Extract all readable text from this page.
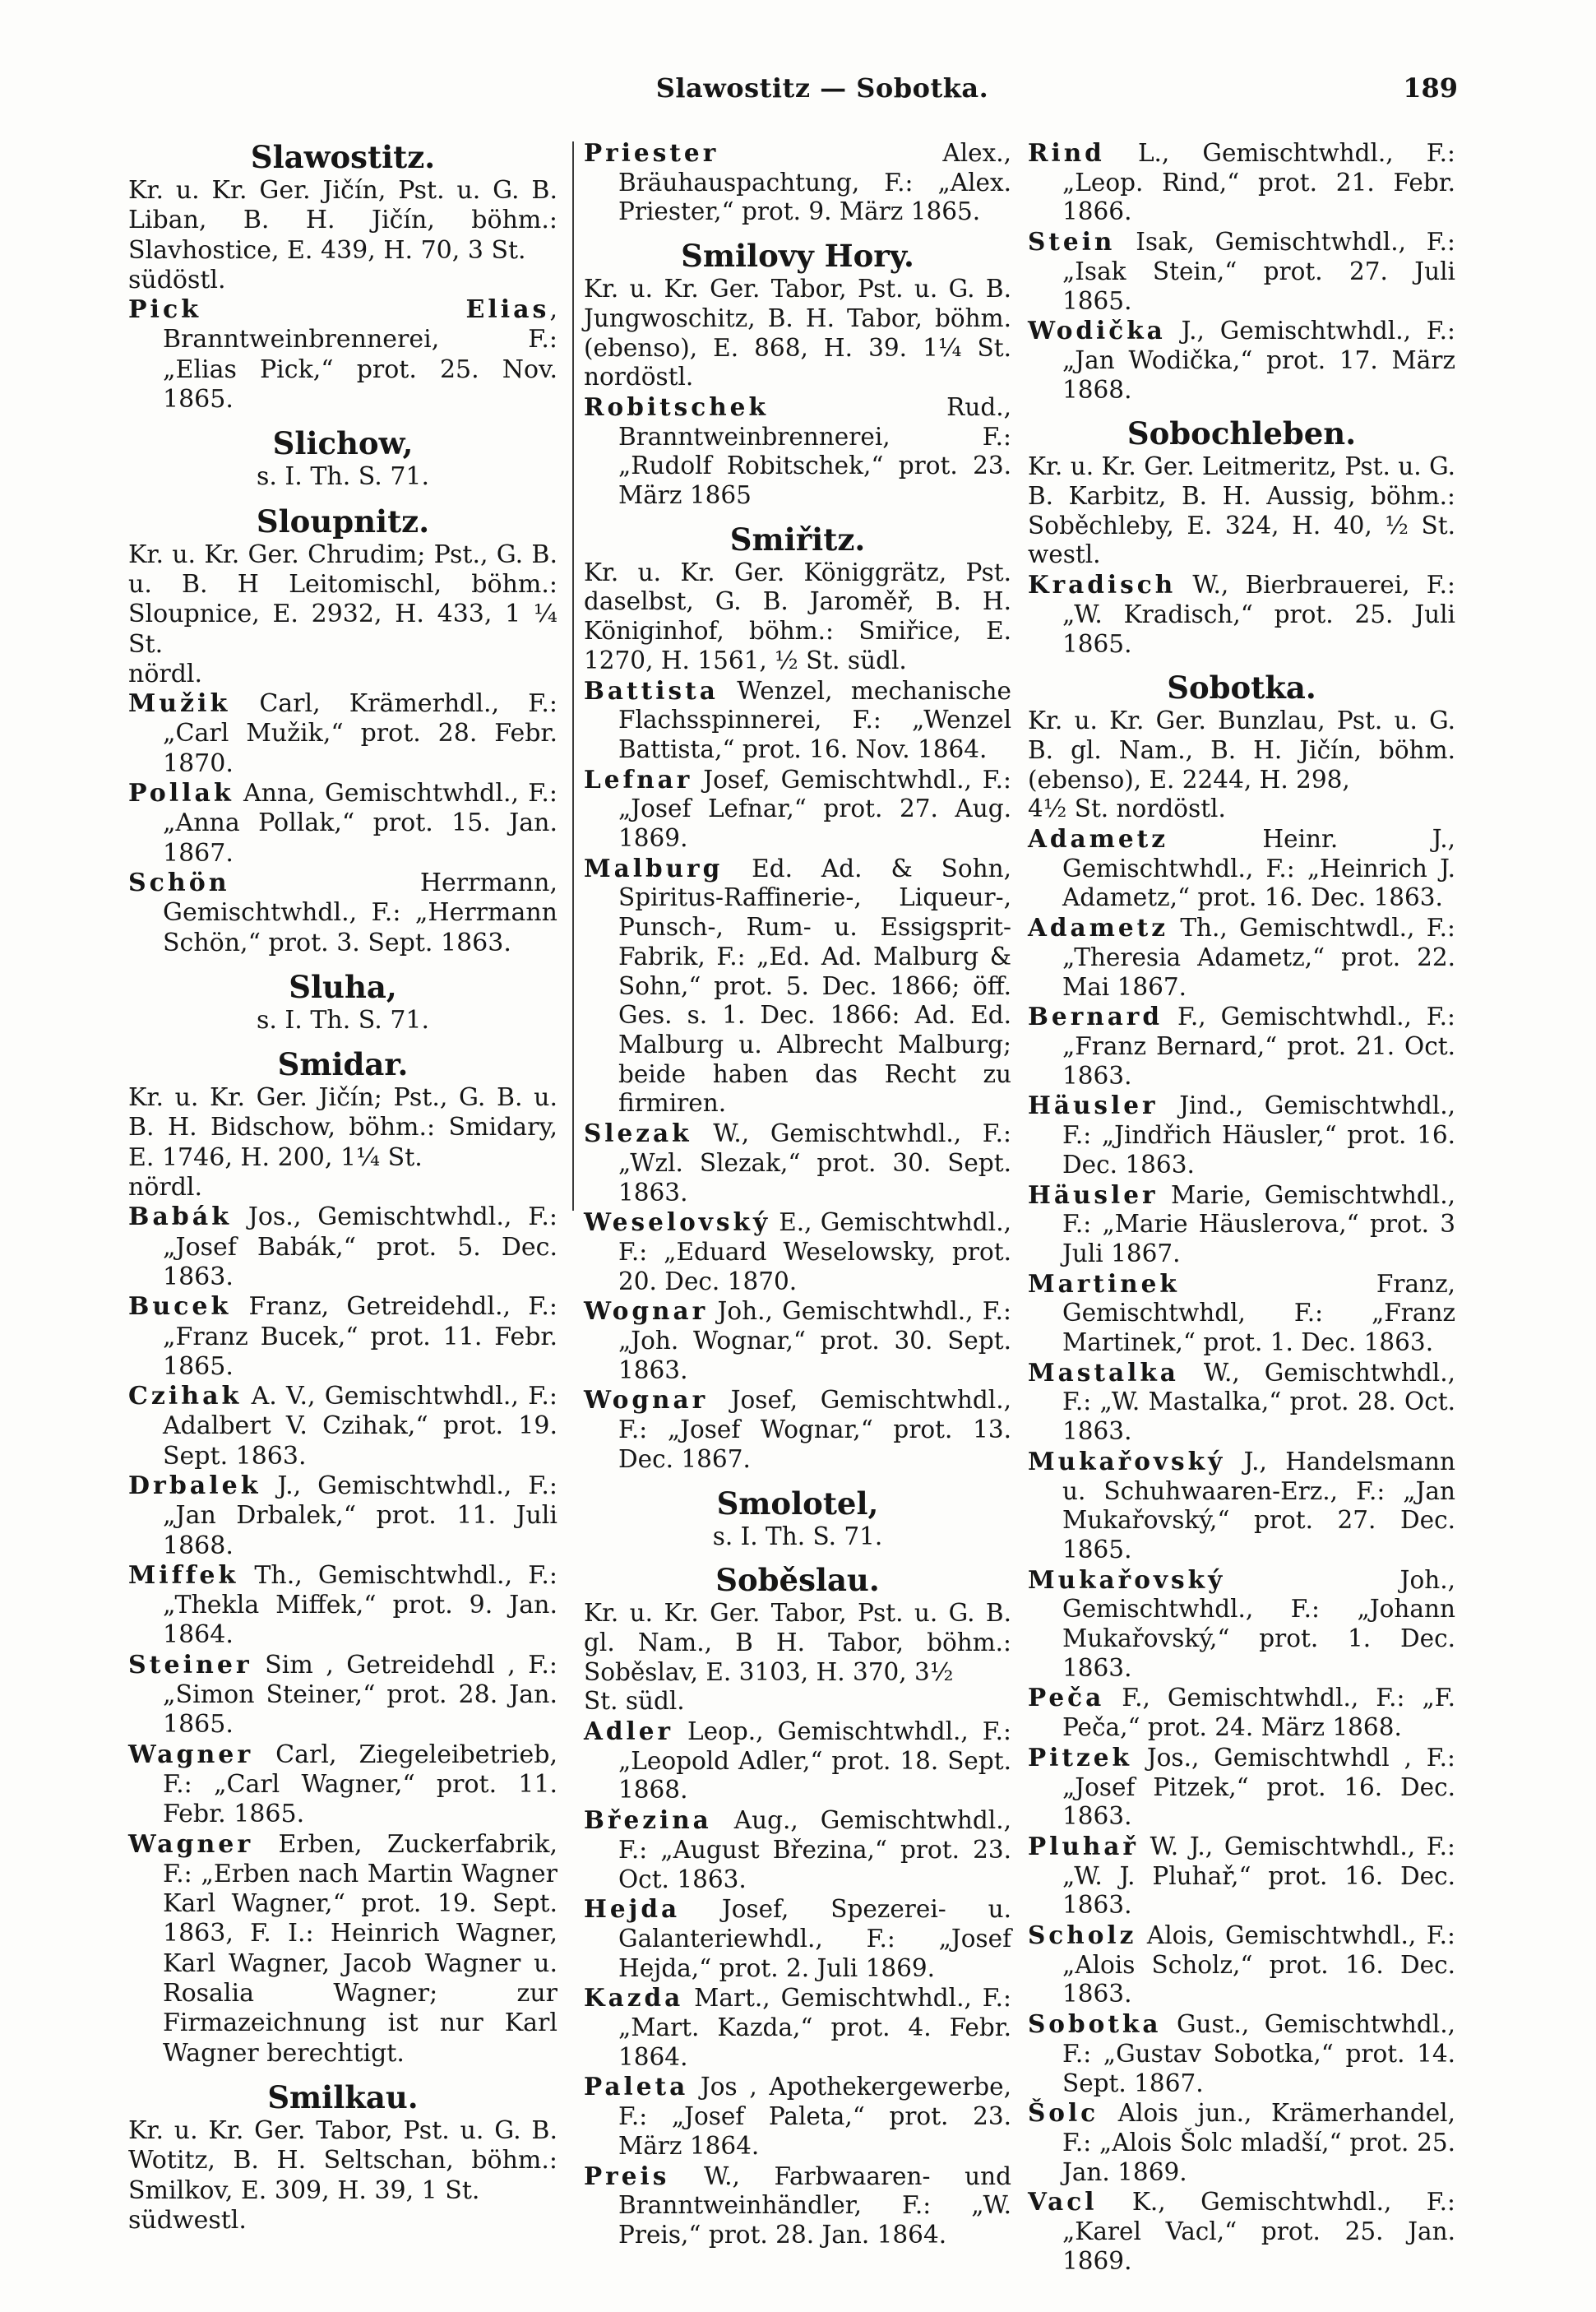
Slawostitz — Sobotka.	189
Slawostitz.
Kr. u. Kr. Ger. Jičín, Pst. u. G. B. Liban, B. H. Jičín, böhm.: Slavhostice, E. 439, H. 70, 3 St.
südöstl.
Pick Elias, Branntweinbrennerei, F.: „Elias Pick,“ prot. 25. Nov. 1865.
Slichow,
s. I. Th. S. 71.
Sloupnitz.
Kr. u. Kr. Ger. Chrudim; Pst., G. B. u. B. H Leitomischl, böhm.: Sloupnice, E. 2932, H. 433, 1 ¼ St.
nördl.
Mužik Carl, Krämerhdl., F.: „Carl Mužik,“ prot. 28. Febr. 1870.
Pollak Anna, Gemischtwhdl., F.: „Anna Pollak,“ prot. 15. Jan. 1867.
Schön Herrmann, Gemischtwhdl., F.: „Herrmann Schön,“ prot. 3. Sept. 1863.
Sluha,
s. I. Th. S. 71.
Smidar.
Kr. u. Kr. Ger. Jičín; Pst., G. B. u. B. H. Bidschow, böhm.: Smidary, E. 1746, H. 200, 1¼ St.
nördl.
Babák Jos., Gemischtwhdl., F.: „Josef Babák,“ prot. 5. Dec. 1863.
Bucek Franz, Getreidehdl., F.: „Franz Bucek,“ prot. 11. Febr. 1865.
Czihak A. V., Gemischtwhdl., F.: Adalbert V. Czihak,“ prot. 19. Sept. 1863.
Drbalek J., Gemischtwhdl., F.: „Jan Drbalek,“ prot. 11. Juli 1868.
Miffek Th., Gemischtwhdl., F.: „Thekla Miffek,“ prot. 9. Jan. 1864.
Steiner Sim , Getreidehdl , F.: „Simon Steiner,“ prot. 28. Jan. 1865.
Wagner Carl, Ziegeleibetrieb, F.: „Carl Wagner,“ prot. 11. Febr. 1865.
Wagner Erben, Zuckerfabrik, F.: „Erben nach Martin Wagner Karl Wagner,“ prot. 19. Sept. 1863, F. I.: Heinrich Wagner, Karl Wagner, Jacob Wagner u. Rosalia Wagner; zur Firmazeichnung ist nur Karl Wagner berechtigt.
Smilkau.
Kr. u. Kr. Ger. Tabor, Pst. u. G. B. Wotitz, B. H. Seltschan, böhm.: Smilkov, E. 309, H. 39, 1 St.
südwestl.
Priester Alex., Bräuhauspachtung, F.: „Alex. Priester,“ prot. 9. März 1865.
Smilovy Hory.
Kr. u. Kr. Ger. Tabor, Pst. u. G. B. Jungwoschitz, B. H. Tabor, böhm. (ebenso), E. 868, H. 39. 1¼ St. nordöstl.
Robitschek Rud., Branntweinbrennerei, F.: „Rudolf Robitschek,“ prot. 23. März 1865
Smiřitz.
Kr. u. Kr. Ger. Königgrätz, Pst. daselbst, G. B. Jaroměř, B. H. Königinhof, böhm.: Smiřice, E. 1270, H. 1561, ½ St. südl.
Battista Wenzel, mechanische Flachsspinnerei, F.: „Wenzel Battista,“ prot. 16. Nov. 1864.
Lefnar Josef, Gemischtwhdl., F.: „Josef Lefnar,“ prot. 27. Aug. 1869.
Malburg Ed. Ad. & Sohn, Spiritus-Raffinerie-, Liqueur-, Punsch-, Rum- u. Essigsprit-Fabrik, F.: „Ed. Ad. Malburg & Sohn,“ prot. 5. Dec. 1866; öff. Ges. s. 1. Dec. 1866: Ad. Ed. Malburg u. Albrecht Malburg; beide haben das Recht zu firmiren.
Slezak W., Gemischtwhdl., F.: „Wzl. Slezak,“ prot. 30. Sept. 1863.
Weselovský E., Gemischtwhdl., F.: „Eduard Weselowsky, prot. 20. Dec. 1870.
Wognar Joh., Gemischtwhdl., F.: „Joh. Wognar,“ prot. 30. Sept. 1863.
Wognar Josef, Gemischtwhdl., F.: „Josef Wognar,“ prot. 13. Dec. 1867.
Smolotel,
s. I. Th. S. 71.
Soběslau.
Kr. u. Kr. Ger. Tabor, Pst. u. G. B. gl. Nam., B H. Tabor, böhm.: Soběslav, E. 3103, H. 370, 3½
St. südl.
Adler Leop., Gemischtwhdl., F.: „Leopold Adler,“ prot. 18. Sept. 1868.
Březina Aug., Gemischtwhdl., F.: „August Březina,“ prot. 23. Oct. 1863.
Hejda Josef, Spezerei- u. Galanteriewhdl., F.: „Josef Hejda,“ prot. 2. Juli 1869.
Kazda Mart., Gemischtwhdl., F.: „Mart. Kazda,“ prot. 4. Febr. 1864.
Paleta Jos , Apothekergewerbe, F.: „Josef Paleta,“ prot. 23. März 1864.
Preis W., Farbwaaren- und Branntweinhändler, F.: „W. Preis,“ prot. 28. Jan. 1864.
Rind L., Gemischtwhdl., F.: „Leop. Rind,“ prot. 21. Febr. 1866.
Stein Isak, Gemischtwhdl., F.: „Isak Stein,“ prot. 27. Juli 1865.
Wodička J., Gemischtwhdl., F.: „Jan Wodička,“ prot. 17. März 1868.
Sobochleben.
Kr. u. Kr. Ger. Leitmeritz, Pst. u. G. B. Karbitz, B. H. Aussig, böhm.: Soběchleby, E. 324, H. 40, ½ St. westl.
Kradisch W., Bierbrauerei, F.: „W. Kradisch,“ prot. 25. Juli 1865.
Sobotka.
Kr. u. Kr. Ger. Bunzlau, Pst. u. G. B. gl. Nam., B. H. Jičín, böhm. (ebenso), E. 2244, H. 298,
4½ St. nordöstl.
Adametz Heinr. J., Gemischtwhdl., F.: „Heinrich J. Adametz,“ prot. 16. Dec. 1863.
Adametz Th., Gemischtwdl., F.: „Theresia Adametz,“ prot. 22. Mai 1867.
Bernard F., Gemischtwhdl., F.: „Franz Bernard,“ prot. 21. Oct. 1863.
Häusler Jind., Gemischtwhdl., F.: „Jindřich Häusler,“ prot. 16. Dec. 1863.
Häusler Marie, Gemischtwhdl., F.: „Marie Häuslerova,“ prot. 3 Juli 1867.
Martinek Franz, Gemischtwhdl, F.: „Franz Martinek,“ prot. 1. Dec. 1863.
Mastalka W., Gemischtwhdl., F.: „W. Mastalka,“ prot. 28. Oct. 1863.
Mukařovský J., Handelsmann u. Schuhwaaren-Erz., F.: „Jan Mukařovský,“ prot. 27. Dec. 1865.
Mukařovský Joh., Gemischtwhdl., F.: „Johann Mukařovský,“ prot. 1. Dec. 1863.
Peča F., Gemischtwhdl., F.: „F. Peča,“ prot. 24. März 1868.
Pitzek Jos., Gemischtwhdl , F.: „Josef Pitzek,“ prot. 16. Dec. 1863.
Pluhař W. J., Gemischtwhdl., F.: „W. J. Pluhař,“ prot. 16. Dec. 1863.
Scholz Alois, Gemischtwhdl., F.: „Alois Scholz,“ prot. 16. Dec. 1863.
Sobotka Gust., Gemischtwhdl., F.: „Gustav Sobotka,“ prot. 14. Sept. 1867.
Šolc Alois jun., Krämerhandel, F.: „Alois Šolc mladší,“ prot. 25. Jan. 1869.
Vacl K., Gemischtwhdl., F.: „Karel Vacl,“ prot. 25. Jan. 1869.
